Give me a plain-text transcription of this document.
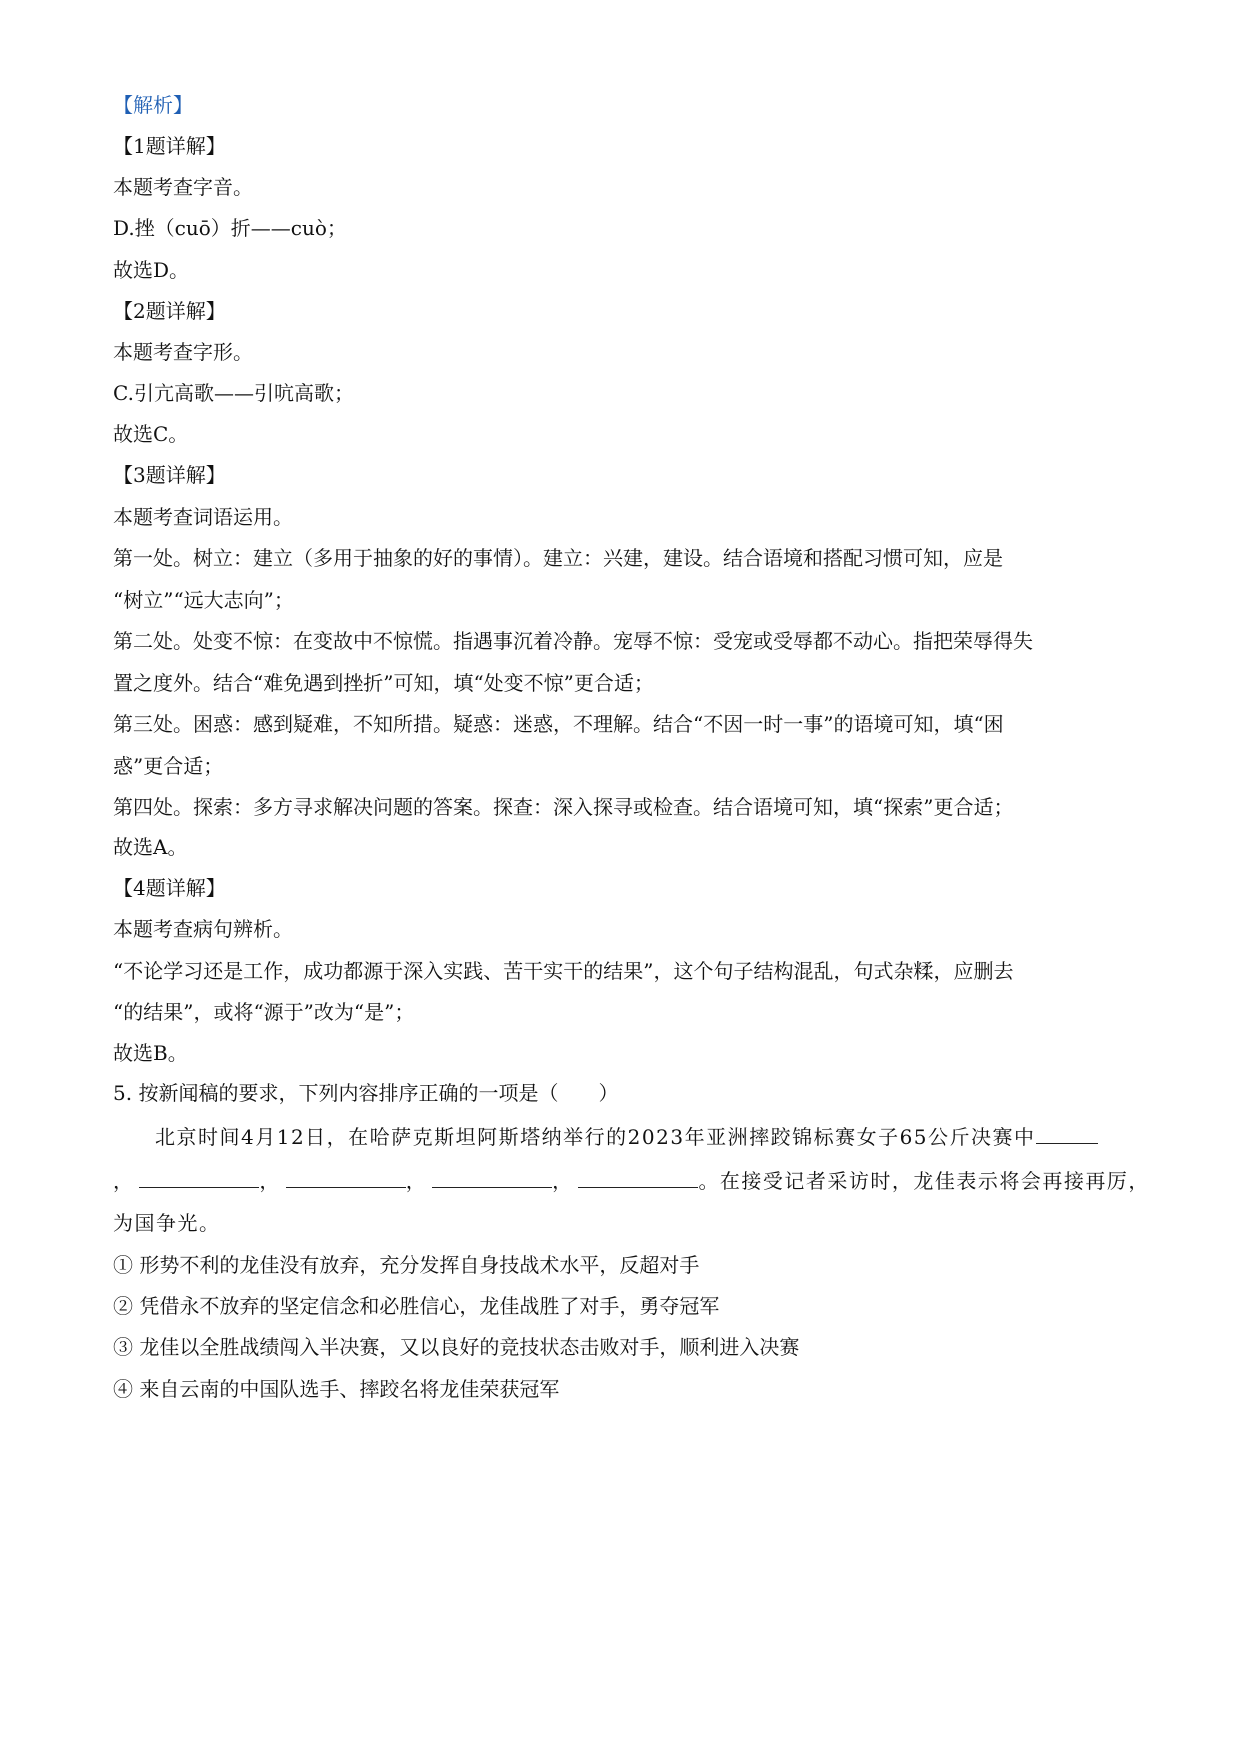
【解析】
【1题详解】
本题考查字音。
D.挫（cuō）折——cuò；
故选D。
【2题详解】
本题考查字形。
C.引亢高歌——引吭高歌；
故选C。
【3题详解】
本题考查词语运用。
第一处。树立：建立（多用于抽象的好的事情）。建立：兴建，建设。结合语境和搭配习惯可知，应是
“树立”“远大志向”；
第二处。处变不惊：在变故中不惊慌。指遇事沉着冷静。宠辱不惊：受宠或受辱都不动心。指把荣辱得失
置之度外。结合“难免遇到挫折”可知，填“处变不惊”更合适；
第三处。困惑：感到疑难，不知所措。疑惑：迷惑，不理解。结合“不因一时一事”的语境可知，填“困
惑”更合适；
第四处。探索：多方寻求解决问题的答案。探查：深入探寻或检查。结合语境可知，填“探索”更合适；
故选A。
【4题详解】
本题考查病句辨析。
“不论学习还是工作，成功都源于深入实践、苦干实干的结果”，这个句子结构混乱，句式杂糅，应删去
“的结果”，或将“源于”改为“是”；
故选B。
5. 按新闻稿的要求，下列内容排序正确的一项是（　　）
北京时间4月12日，在哈萨克斯坦阿斯塔纳举行的2023年亚洲摔跤锦标赛女子65公斤决赛中
，	，	，	，	。在接受记者采访时，龙佳表示将会再接再厉，
为国争光。
① 形势不利的龙佳没有放弃，充分发挥自身技战术水平，反超对手
② 凭借永不放弃的坚定信念和必胜信心，龙佳战胜了对手，勇夺冠军
③ 龙佳以全胜战绩闯入半决赛，又以良好的竞技状态击败对手，顺利进入决赛
④ 来自云南的中国队选手、摔跤名将龙佳荣获冠军
